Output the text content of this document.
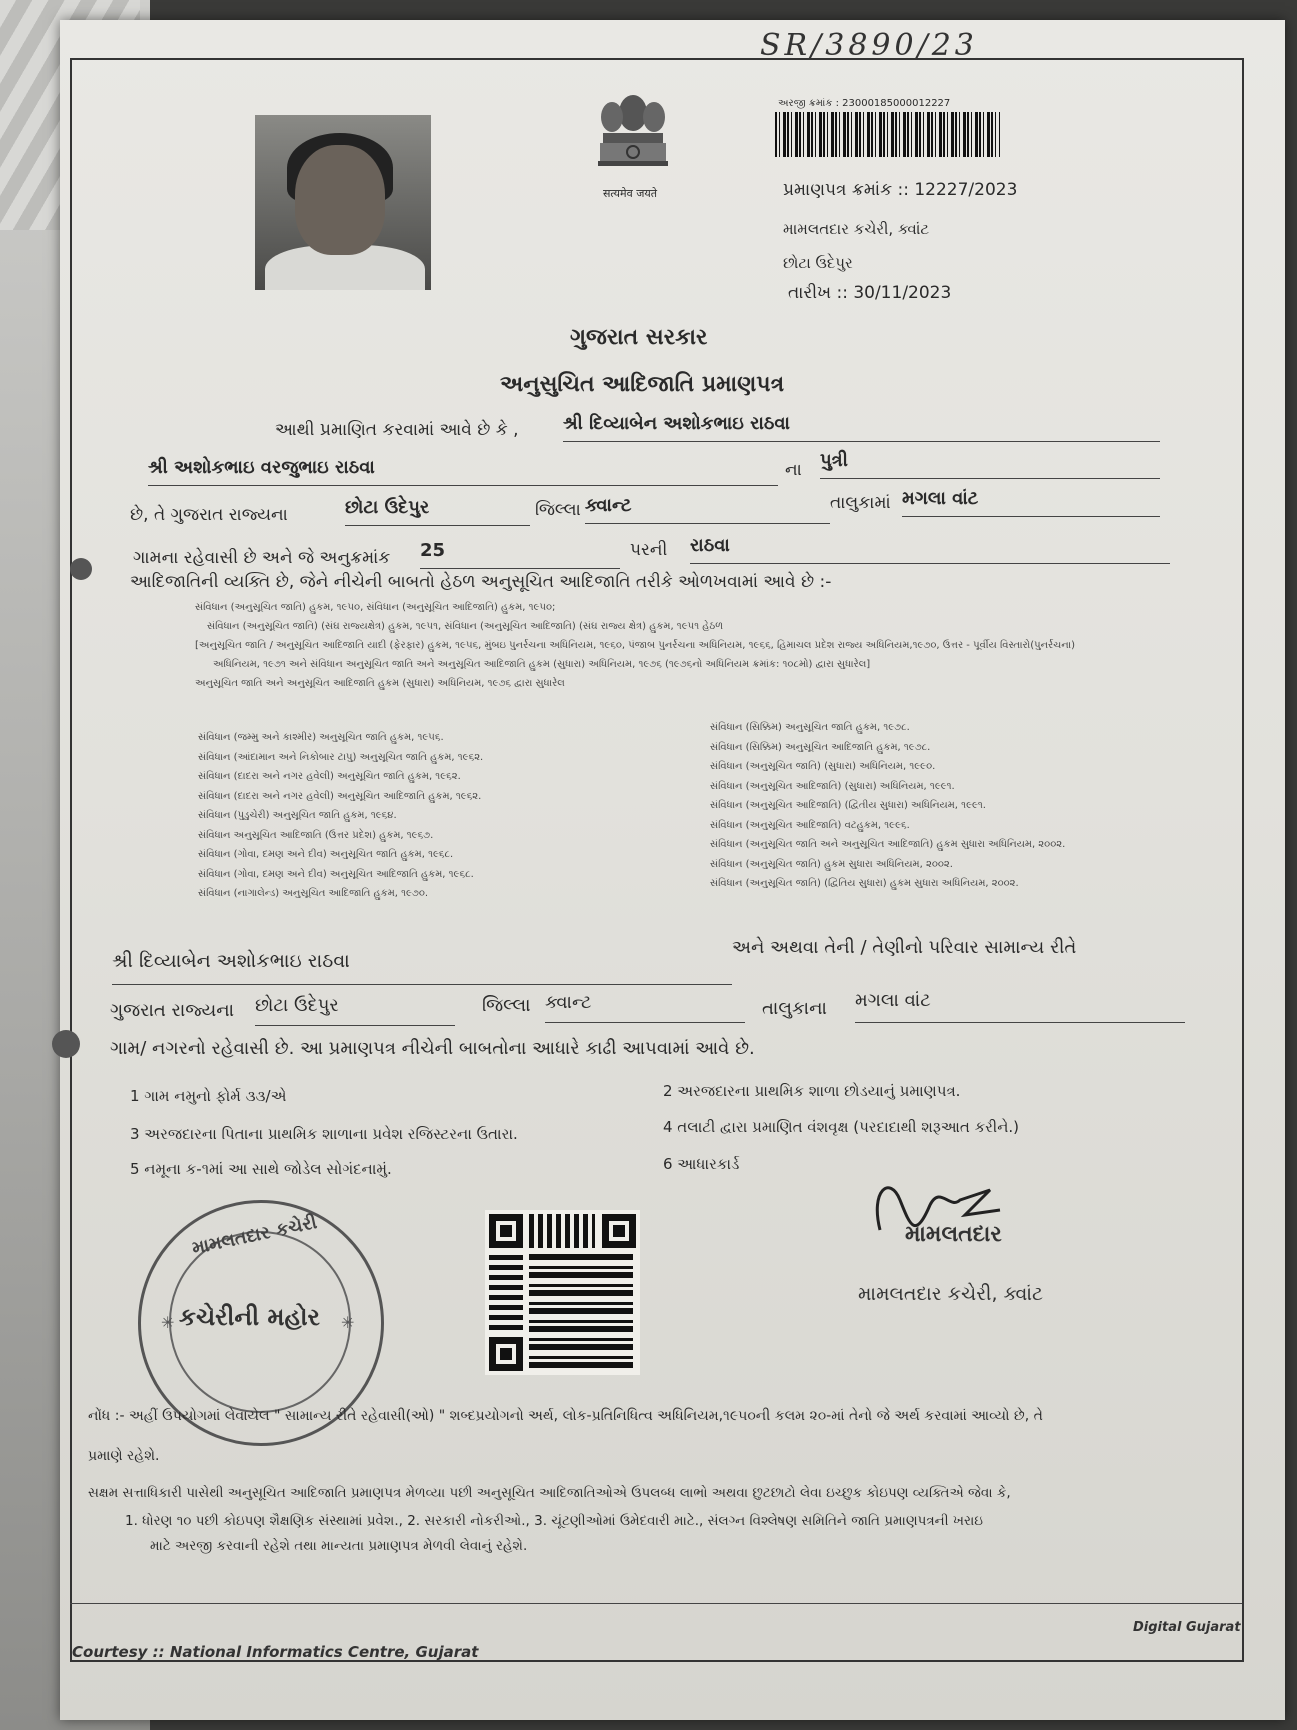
SR/3890/23
सत्यमेव जयते
અરજી ક્રમાંક : 23000185000012227
પ્રમાણપત્ર ક્રમાંક :: 12227/2023
મામલતદાર કચેરી, ક્વાંટ
છોટા ઉદેપુર
તારીખ :: 30/11/2023
ગુજરાત સરકાર
અનુસુચિત આદિજાતિ પ્રમાણપત્ર
આથી પ્રમાણિત કરવામાં આવે છે કે , શ્રી દિવ્યાબેન અશોકભાઇ રાઠવા
શ્રી અશોકભાઇ વરજુભાઇ રાઠવા	ના પુત્રી
છે, તે ગુજરાત રાજ્યના	છોટા ઉદેપુર	જિલ્લા ક્વાન્ટ	તાલુકામાં મગલા વાંટ
ગામના રહેવાસી છે અને જે અનુક્રમાંક 25	પરની રાઠવા
આદિજાતિની વ્યક્તિ છે, જેને નીચેની બાબતો હેઠળ અનુસૂચિત આદિજાતિ તરીકે ઓળખવામાં આવે છે :-
સંવિધાન (અનુસૂચિત જાતિ) હુકમ, ૧૯૫૦, સંવિધાન (અનુસૂચિત આદિજાતિ) હુકમ, ૧૯૫૦;
સંવિધાન (અનુસૂચિત જાતિ) (સંઘ રાજ્યક્ષેત્ર) હુકમ, ૧૯૫૧, સંવિધાન (અનુસૂચિત આદિજાતિ) (સંઘ રાજ્ય ક્ષેત્ર) હુકમ, ૧૯૫૧ હેઠળ
[અનુસૂચિત જાતિ / અનુસૂચિત આદિજાતિ યાદી (ફેરફાર) હુકમ, ૧૯૫૬, મુંબઇ પુનર્રચના અધિનિયમ, ૧૯૬૦, પંજાબ પુનર્રચના અધિનિયમ, ૧૯૬૬, હિમાચલ પ્રદેશ રાજ્ય અધિનિયમ,૧૯૭૦, ઉત્તર - પૂર્વીય વિસ્તારો(પુનર્રચના)
અધિનિયમ, ૧૯૭૧ અને સંવિધાન અનુસૂચિત જાતિ અને અનુસૂચિત આદિજાતિ હુકમ (સુધારા) અધિનિયમ, ૧૯૭૬ (૧૯૭૬નો અધિનિયમ ક્રમાંક: ૧૦૮મો) દ્વારા સુધારેલ]
અનુસૂચિત જાતિ અને અનુસૂચિત આદિજાતિ હુકમ (સુધારા) અધિનિયમ, ૧૯૭૬ દ્વારા સુધારેલ
સંવિધાન (જમ્મુ અને કાશ્મીર) અનુસૂચિત જાતિ હુકમ, ૧૯૫૬.
સંવિધાન (આંદામાન અને નિકોબાર ટાપુ) અનુસૂચિત જાતિ હુકમ, ૧૯૬૨.
સંવિધાન (દાદરા અને નગર હવેલી) અનુસૂચિત જાતિ હુકમ, ૧૯૬૨.
સંવિધાન (દાદરા અને નગર હવેલી) અનુસૂચિત આદિજાતિ હુકમ, ૧૯૬૨.
સંવિધાન (પુડુચેરી) અનુસૂચિત જાતિ હુકમ, ૧૯૬૪.
સંવિધાન અનુસૂચિત આદિજાતિ (ઉત્તર પ્રદેશ) હુકમ, ૧૯૬૭.
સંવિધાન (ગોવા, દમણ અને દીવ) અનુસૂચિત જાતિ હુકમ, ૧૯૬૮.
સંવિધાન (ગોવા, દમણ અને દીવ) અનુસૂચિત આદિજાતિ હુકમ, ૧૯૬૮.
સંવિધાન (નાગાલેન્ડ) અનુસૂચિત આદિજાતિ હુકમ, ૧૯૭૦.
સંવિધાન (સિક્કિમ) અનુસૂચિત જાતિ હુકમ, ૧૯૭૮.
સંવિધાન (સિક્કિમ) અનુસૂચિત આદિજાતિ હુકમ, ૧૯૭૮.
સંવિધાન (અનુસૂચિત જાતિ) (સુધારા) અધિનિયમ, ૧૯૯૦.
સંવિધાન (અનુસૂચિત આદિજાતિ) (સુધારા) અધિનિયમ, ૧૯૯૧.
સંવિધાન (અનુસૂચિત આદિજાતિ) (દ્વિતીય સુધારા) અધિનિયમ, ૧૯૯૧.
સંવિધાન (અનુસૂચિત આદિજાતિ) વટહુકમ, ૧૯૯૬.
સંવિધાન (અનુસૂચિત જાતિ અને અનુસૂચિત આદિજાતિ) હુકમ સુધારા અધિનિયમ, ૨૦૦૨.
સંવિધાન (અનુસૂચિત જાતિ) હુકમ સુધારા અધિનિયમ, ૨૦૦૨.
સંવિધાન (અનુસૂચિત જાતિ) (દ્વિતિય સુધારા) હુકમ સુધારા અધિનિયમ, ૨૦૦૨.
શ્રી દિવ્યાબેન અશોકભાઇ રાઠવા
અને અથવા તેની / તેણીનો પરિવાર સામાન્ય રીતે
ગુજરાત રાજ્યના છોટા ઉદેપુર	જિલ્લા ક્વાન્ટ	તાલુકાના મગલા વાંટ
ગામ/ નગરનો રહેવાસી છે. આ પ્રમાણપત્ર નીચેની બાબતોના આધારે કાઢી આપવામાં આવે છે.
1 ગામ નમુનો ફોર્મ ૩૩/એ	2 અરજદારના પ્રાથમિક શાળા છોડયાનું પ્રમાણપત્ર.
3 અરજદારના પિતાના પ્રાથમિક શાળાના પ્રવેશ રજિસ્ટરના ઉતારા.	4 તલાટી દ્વારા પ્રમાણિત વંશવૃક્ષ (પરદાદાથી શરૂઆત કરીને.)
5 નમૂના ક-૧માં આ સાથે જોડેલ સોગંદનામું.	6 આધારકાર્ડ
મામલતદાર કચેરી
કચેરીની મહોર
✳	✳
મામલતદાર
મામલતદાર કચેરી, ક્વાંટ
નોંધ :- અહીં ઉપયોગમાં લેવાયેલ " સામાન્ય રીતે રહેવાસી(ઓ) " શબ્દપ્રયોગનો અર્થ, લોક-પ્રતિનિધિત્વ અધિનિયમ,૧૯૫૦ની કલમ ૨૦-માં તેનો જે અર્થ કરવામાં આવ્યો છે, તે
પ્રમાણે રહેશે.
સક્ષમ સત્તાધિકારી પાસેથી અનુસૂચિત આદિજાતિ પ્રમાણપત્ર મેળવ્યા પછી અનુસૂચિત આદિજાતિઓએ ઉપલબ્ધ લાભો અથવા છુટછાટો લેવા ઇચ્છુક કોઇપણ વ્યક્તિએ જેવા કે,
1. ધોરણ ૧૦ પછી કોઇપણ શૈક્ષણિક સંસ્થામાં પ્રવેશ., 2. સરકારી નોકરીઓ., 3. ચૂંટણીઓમાં ઉમેદવારી માટે., સંલગ્ન વિશ્લેષણ સમિતિને જાતિ પ્રમાણપત્રની ખરાઇ
માટે અરજી કરવાની રહેશે તથા માન્યતા પ્રમાણપત્ર મેળવી લેવાનું રહેશે.
Courtesy :: National Informatics Centre, Gujarat
Digital Gujarat
